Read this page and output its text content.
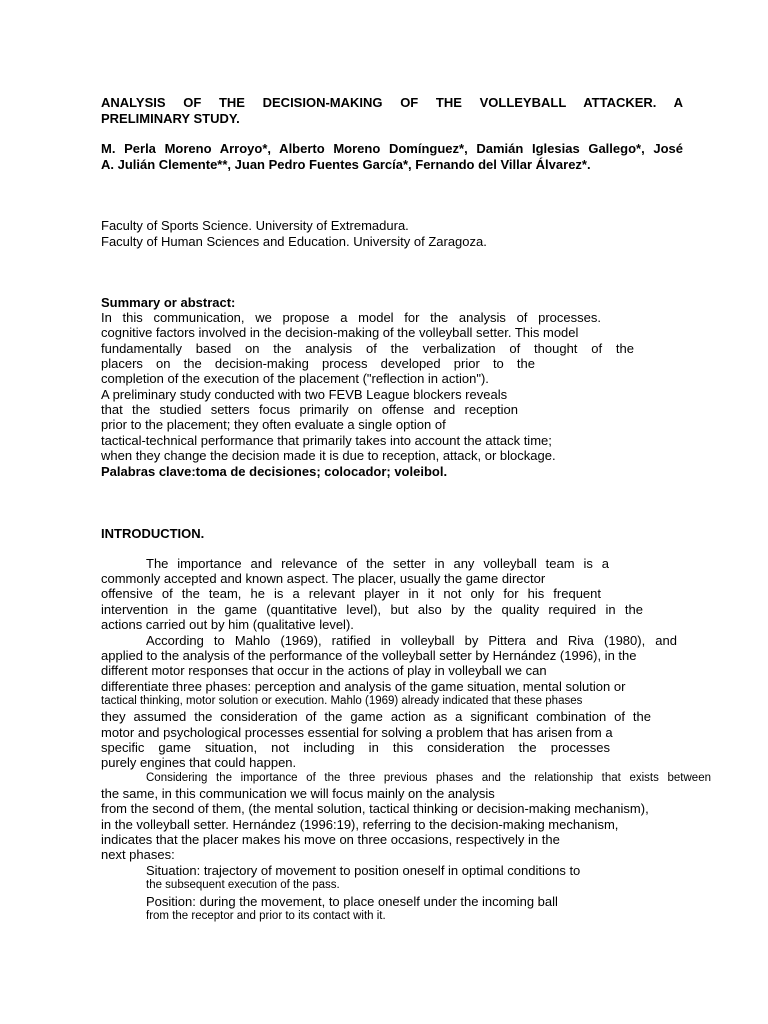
ANALYSIS OF THE DECISION-MAKING OF THE VOLLEYBALL ATTACKER. A
PRELIMINARY STUDY.
M. Perla Moreno Arroyo*, Alberto Moreno Domínguez*, Damián Iglesias Gallego*, José
A. Julián Clemente**, Juan Pedro Fuentes García*, Fernando del Villar Álvarez*.
Faculty of Sports Science. University of Extremadura.
Faculty of Human Sciences and Education. University of Zaragoza.
Summary or abstract:
In this communication, we propose a model for the analysis of processes.
cognitive factors involved in the decision-making of the volleyball setter. This model
fundamentally based on the analysis of the verbalization of thought of the
placers on the decision-making process developed prior to the
completion of the execution of the placement ("reflection in action").
A preliminary study conducted with two FEVB League blockers reveals
that the studied setters focus primarily on offense and reception
prior to the placement; they often evaluate a single option of
tactical-technical performance that primarily takes into account the attack time;
when they change the decision made it is due to reception, attack, or blockage.
Palabras clave:toma de decisiones; colocador; voleibol.
INTRODUCTION.
The importance and relevance of the setter in any volleyball team is a
commonly accepted and known aspect. The placer, usually the game director
offensive of the team, he is a relevant player in it not only for his frequent
intervention in the game (quantitative level), but also by the quality required in the
actions carried out by him (qualitative level).
According to Mahlo (1969), ratified in volleyball by Pittera and Riva (1980), and
applied to the analysis of the performance of the volleyball setter by Hernández (1996), in the
different motor responses that occur in the actions of play in volleyball we can
differentiate three phases: perception and analysis of the game situation, mental solution or
tactical thinking, motor solution or execution. Mahlo (1969) already indicated that these phases
they assumed the consideration of the game action as a significant combination of the
motor and psychological processes essential for solving a problem that has arisen from a
specific game situation, not including in this consideration the processes
purely engines that could happen.
Considering the importance of the three previous phases and the relationship that exists between
the same, in this communication we will focus mainly on the analysis
from the second of them, (the mental solution, tactical thinking or decision-making mechanism),
in the volleyball setter. Hernández (1996:19), referring to the decision-making mechanism,
indicates that the placer makes his move on three occasions, respectively in the
next phases:
Situation: trajectory of movement to position oneself in optimal conditions to
the subsequent execution of the pass.
Position: during the movement, to place oneself under the incoming ball
from the receptor and prior to its contact with it.
